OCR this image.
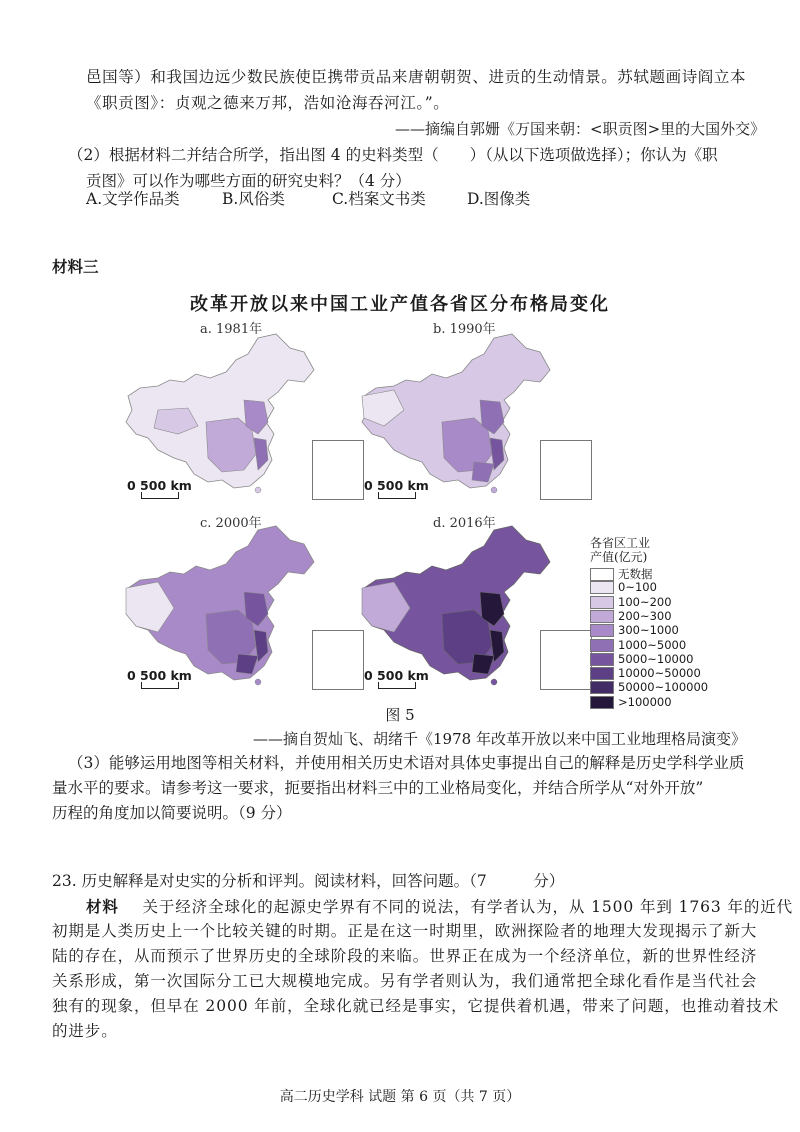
邑国等）和我国边远少数民族使臣携带贡品来唐朝朝贺、进贡的生动情景。苏轼题画诗阎立本
《职贡图》：贞观之德来万邦，浩如沧海吞河江。”。
——摘编自郭姗《万国来朝：<职贡图>里的大国外交》
（2）根据材料二并结合所学，指出图 4 的史料类型（　　）（从以下选项做选择）；你认为《职
贡图》可以作为哪些方面的研究史料？（4 分）
A.文学作品类	B.风俗类	C.档案文书类	D.图像类
材料三
改革开放以来中国工业产值各省区分布格局变化
a. 1981年
0 500 km
b. 1990年
0 500 km
c. 2000年
0 500 km
d. 2016年
0 500 km
各省区工业
产值(亿元)
无数据
0~100
100~200
200~300
300~1000
1000~5000
5000~10000
10000~50000
50000~100000
>100000
图 5
——摘自贺灿飞、胡绪千《1978 年改革开放以来中国工业地理格局演变》
（3）能够运用地图等相关材料，并使用相关历史术语对具体史事提出自己的解释是历史学科学业质
量水平的要求。请参考这一要求，扼要指出材料三中的工业格局变化，并结合所学从“对外开放”
历程的角度加以简要说明。（9 分）
23. 历史解释是对史实的分析和评判。阅读材料，回答问题。（7　　　分）
材料 关于经济全球化的起源史学界有不同的说法，有学者认为，从 1500 年到 1763 年的近代
初期是人类历史上一个比较关键的时期。正是在这一时期里，欧洲探险者的地理大发现揭示了新大
陆的存在，从而预示了世界历史的全球阶段的来临。世界正在成为一个经济单位，新的世界性经济
关系形成，第一次国际分工已大规模地完成。另有学者则认为，我们通常把全球化看作是当代社会
独有的现象，但早在 2000 年前，全球化就已经是事实，它提供着机遇，带来了问题，也推动着技术
的进步。
高二历史学科 试题 第 6 页（共 7 页）
